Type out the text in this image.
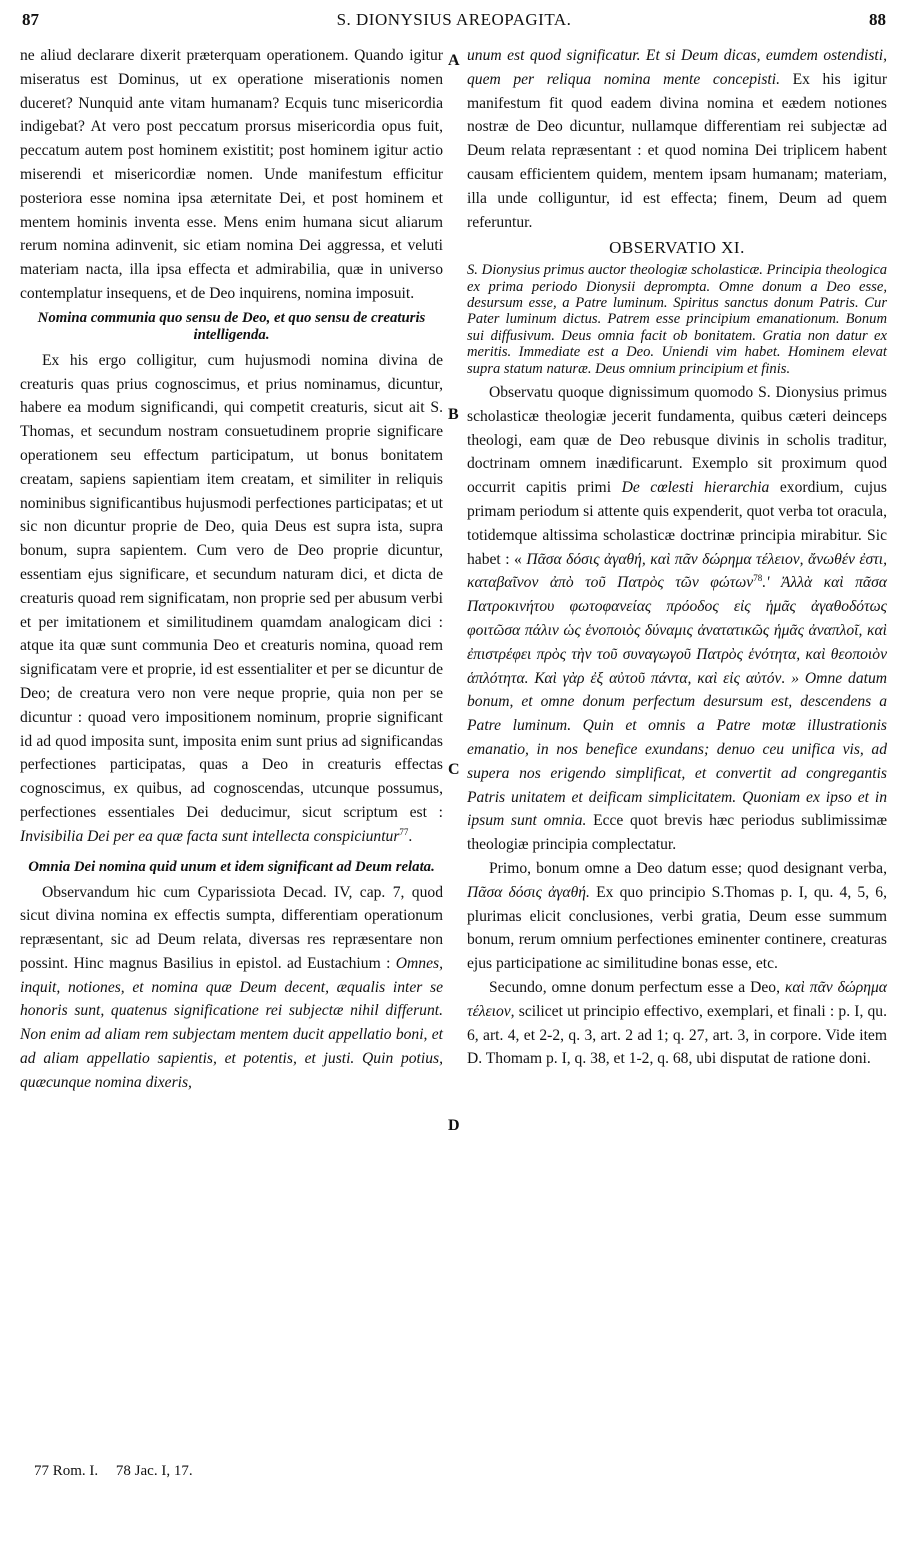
87	S. DIONYSIUS AREOPAGITA.	88
A
B
C
D

ne aliud declarare dixerit præterquam operationem. Quando igitur miseratus est Dominus, ut ex operatione miserationis nomen duceret? Nunquid ante vitam humanam? Ecquis tunc misericordia indigebat? At vero post peccatum prorsus misericordia opus fuit, peccatum autem post hominem existitit; post hominem igitur actio miserendi et misericordiæ nomen. Unde manifestum efficitur posteriora esse nomina ipsa æternitate Dei, et post hominem et mentem hominis inventa esse. Mens enim humana sicut aliarum rerum nomina adinvenit, sic etiam nomina Dei aggressa, et veluti materiam nacta, illa ipsa effecta et admirabilia, quæ in universo contemplatur insequens, et de Deo inquirens, nomina imposuit.

Nomina communia quo sensu de Deo, et quo sensu de creaturis intelligenda.

Ex his ergo colligitur, cum hujusmodi nomina divina de creaturis quas prius cognoscimus, et prius nominamus, dicuntur, habere ea modum significandi, qui competit creaturis, sicut ait S. Thomas, et secundum nostram consuetudinem proprie significare operationem seu effectum participatum, ut bonus bonitatem creatam, sapiens sapientiam item creatam, et similiter in reliquis nominibus significantibus hujusmodi perfectiones participatas; et ut sic non dicuntur proprie de Deo, quia Deus est supra ista, supra bonum, supra sapientem. Cum vero de Deo proprie dicuntur, essentiam ejus significare, et secundum naturam dici, et dicta de creaturis quoad rem significatam, non proprie sed per abusum verbi et per imitationem et similitudinem quamdam analogicam dici : atque ita quæ sunt communia Deo et creaturis nomina, quoad rem significatam vere et proprie, id est essentialiter et per se dicuntur de Deo; de creatura vero non vere neque proprie, quia non per se dicuntur : quoad vero impositionem nominum, proprie significant id ad quod imposita sunt, imposita enim sunt prius ad significandas perfectiones participatas, quas a Deo in creaturis effectas cognoscimus, ex quibus, ad cognoscendas, utcunque possumus, perfectiones essentiales Dei deducimur, sicut scriptum est : Invisibilia Dei per ea quæ facta sunt intellecta conspiciuntur$^{77}$.

Omnia Dei nomina quid unum et idem significant ad Deum relata.

Observandum hic cum Cyparissiota Decad. IV, cap. 7, quod sicut divina nomina ex effectis sumpta, differentiam operationum repræsentant, sic ad Deum relata, diversas res repræsentare non possint. Hinc magnus Basilius in epistol. ad Eustachium : Omnes, inquit, notiones, et nomina quæ Deum decent, æqualis inter se honoris sunt, quatenus significatione rei subjectæ nihil differunt. Non enim ad aliam rem subjectam mentem ducit appellatio boni, et ad aliam appellatio sapientis, et potentis, et justi. Quin potius, quæcunque nomina dixeris,

unum est quod significatur. Et si Deum dicas, eumdem ostendisti, quem per reliqua nomina mente concepisti. Ex his igitur manifestum fit quod eadem divina nomina et eædem notiones nostræ de Deo dicuntur, nullamque differentiam rei subjectæ ad Deum relata repræsentant : et quod nomina Dei triplicem habent causam efficientem quidem, mentem ipsam humanam; materiam, illa unde colliguntur, id est effecta; finem, Deum ad quem referuntur.

OBSERVATIO XI.
S. Dionysius primus auctor theologiæ scholasticæ. Principia theologica ex prima periodo Dionysii deprompta. Omne donum a Deo esse, desursum esse, a Patre luminum. Spiritus sanctus donum Patris. Cur Pater luminum dictus. Patrem esse principium emanationum. Bonum sui diffusivum. Deus omnia facit ob bonitatem. Gratia non datur ex meritis. Immediate est a Deo. Uniendi vim habet. Hominem elevat supra statum naturæ. Deus omnium principium et finis.

Observatu quoque dignissimum quomodo S. Dionysius primus scholasticæ theologiæ jecerit fundamenta, quibus cæteri deinceps theologi, eam quæ de Deo rebusque divinis in scholis traditur, doctrinam omnem inædificarunt. Exemplo sit proximum quod occurrit capitis primi De cœlesti hierarchia exordium, cujus primam periodum si attente quis expenderit, quot verba tot oracula, totidemque altissima scholasticæ doctrinæ principia mirabitur. Sic habet : « Πᾶσα δόσις ἀγαθή, καὶ πᾶν δώρημα τέλειον, ἄνωθέν ἐστι, καταβαῖνον ἀπὸ τοῦ Πατρὸς τῶν φώτων$^{78}$.' Ἀλλὰ καὶ πᾶσα Πατροκινήτου φωτοφανείας πρόοδος εἰς ἡμᾶς ἀγαθοδότως φοιτῶσα πάλιν ὡς ἑνοποιὸς δύναμις ἀνατατικῶς ἡμᾶς ἀναπλοῖ, καὶ ἐπιστρέφει πρὸς τὴν τοῦ συναγωγοῦ Πατρὸς ἑνότητα, καὶ θεοποιὸν ἁπλότητα. Καὶ γὰρ ἐξ αὐτοῦ πάντα, καὶ εἰς αὐτόν. » Omne datum bonum, et omne donum perfectum desursum est, descendens a Patre luminum. Quin et omnis a Patre motæ illustrationis emanatio, in nos benefice exundans; denuo ceu unifica vis, ad supera nos erigendo simplificat, et convertit ad congregantis Patris unitatem et deificam simplicitatem. Quoniam ex ipso et in ipsum sunt omnia. Ecce quot brevis hæc periodus sublimissimæ theologiæ principia complectatur.

Primo, bonum omne a Deo datum esse; quod designant verba, Πᾶσα δόσις ἀγαθή. Ex quo principio S.Thomas p. I, qu. 4, 5, 6, plurimas elicit conclusiones, verbi gratia, Deum esse summum bonum, rerum omnium perfectiones eminenter continere, creaturas ejus participatione ac similitudine bonas esse, etc.

Secundo, omne donum perfectum esse a Deo, καὶ πᾶν δώρημα τέλειον, scilicet ut principio effectivo, exemplari, et finali : p. I, qu. 6, art. 4, et 2-2, q. 3, art. 2 ad 1; q. 27, art. 3, in corpore. Vide item D. Thomam p. I, q. 38, et 1-2, q. 68, ubi disputat de ratione doni.

77 Rom. I. 78 Jac. I, 17.
